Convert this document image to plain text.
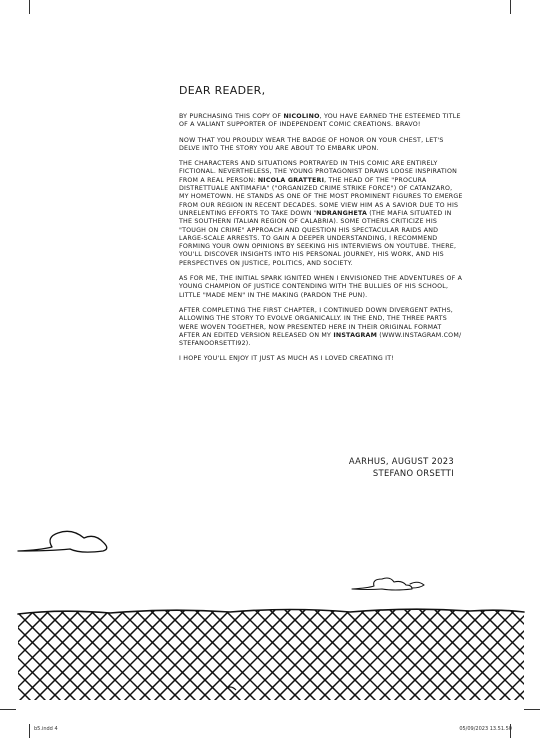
DEAR READER,

BY PURCHASING THIS COPY OF NICOLINO, YOU HAVE EARNED THE ESTEEMED TITLE OF A VALIANT SUPPORTER OF INDEPENDENT COMIC CREATIONS. BRAVO!

NOW THAT YOU PROUDLY WEAR THE BADGE OF HONOR ON YOUR CHEST, LET'S DELVE INTO THE STORY YOU ARE ABOUT TO EMBARK UPON.

THE CHARACTERS AND SITUATIONS PORTRAYED IN THIS COMIC ARE ENTIRELY FICTIONAL. NEVERTHELESS, THE YOUNG PROTAGONIST DRAWS LOOSE INSPIRATION FROM A REAL PERSON: NICOLA GRATTERI, THE HEAD OF THE "PROCURA DISTRETTUALE ANTIMAFIA" ("ORGANIZED CRIME STRIKE FORCE") OF CATANZARO, MY HOMETOWN. HE STANDS AS ONE OF THE MOST PROMINENT FIGURES TO EMERGE FROM OUR REGION IN RECENT DECADES. SOME VIEW HIM AS A SAVIOR DUE TO HIS UNRELENTING EFFORTS TO TAKE DOWN 'NDRANGHETA (THE MAFIA SITUATED IN THE SOUTHERN ITALIAN REGION OF CALABRIA). SOME OTHERS CRITICIZE HIS "TOUGH ON CRIME" APPROACH AND QUESTION HIS SPECTACULAR RAIDS AND LARGE-SCALE ARRESTS. TO GAIN A DEEPER UNDERSTANDING, I RECOMMEND FORMING YOUR OWN OPINIONS BY SEEKING HIS INTERVIEWS ON YOUTUBE. THERE, YOU'LL DISCOVER INSIGHTS INTO HIS PERSONAL JOURNEY, HIS WORK, AND HIS PERSPECTIVES ON JUSTICE, POLITICS, AND SOCIETY.

AS FOR ME, THE INITIAL SPARK IGNITED WHEN I ENVISIONED THE ADVENTURES OF A YOUNG CHAMPION OF JUSTICE CONTENDING WITH THE BULLIES OF HIS SCHOOL, LITTLE "MADE MEN" IN THE MAKING (PARDON THE PUN).

AFTER COMPLETING THE FIRST CHAPTER, I CONTINUED DOWN DIVERGENT PATHS, ALLOWING THE STORY TO EVOLVE ORGANICALLY. IN THE END, THE THREE PARTS WERE WOVEN TOGETHER, NOW PRESENTED HERE IN THEIR ORIGINAL FORMAT AFTER AN EDITED VERSION RELEASED ON MY INSTAGRAM (WWW.INSTAGRAM.COM/ STEFANOORSETTI92).

I HOPE YOU'LL ENJOY IT JUST AS MUCH AS I LOVED CREATING IT!

AARHUS, AUGUST 2023
STEFANO ORSETTI
b5.indd 4	05/09/2023 13.51.50
